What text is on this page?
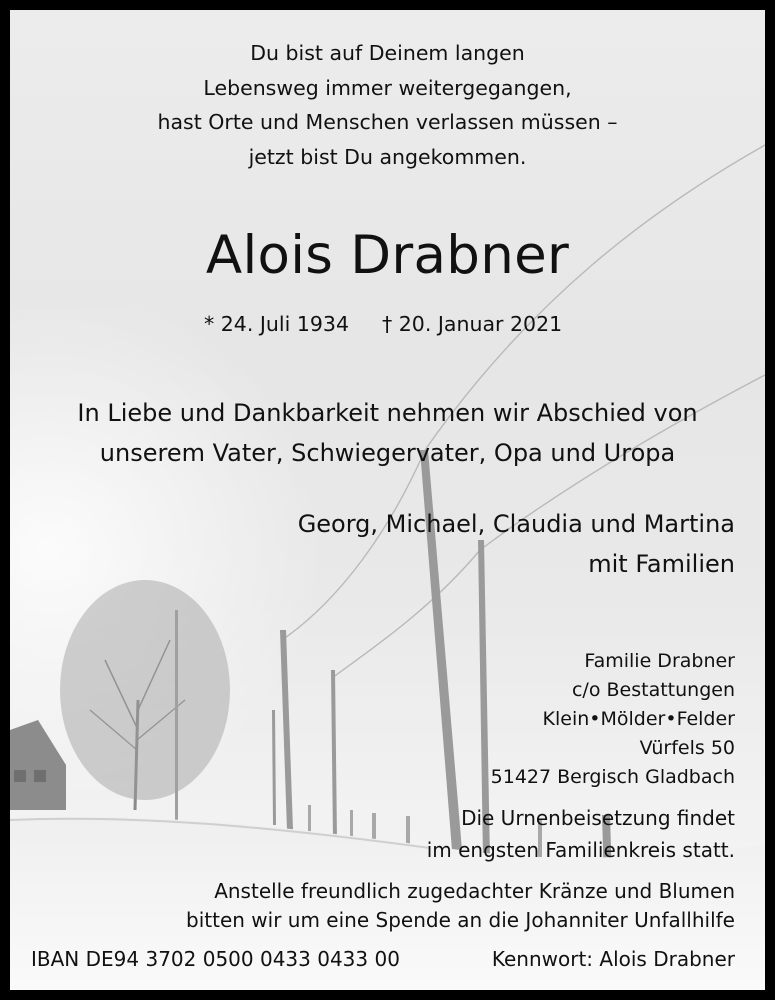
Du bist auf Deinem langen
Lebensweg immer weitergegangen,
hast Orte und Menschen verlassen müssen –
jetzt bist Du angekommen.

Alois Drabner

* 24. Juli 1934 † 20. Januar 2021

In Liebe und Dankbarkeit nehmen wir Abschied von
unserem Vater, Schwiegervater, Opa und Uropa

Georg, Michael, Claudia und Martina
mit Familien

Familie Drabner
c/o Bestattungen
Klein•Mölder•Felder
Vürfels 50
51427 Bergisch Gladbach

Die Urnenbeisetzung findet
im engsten Familienkreis statt.

Anstelle freundlich zugedachter Kränze und Blumen
bitten wir um eine Spende an die Johanniter Unfallhilfe

IBAN DE94 3702 0500 0433 0433 00	Kennwort: Alois Drabner
